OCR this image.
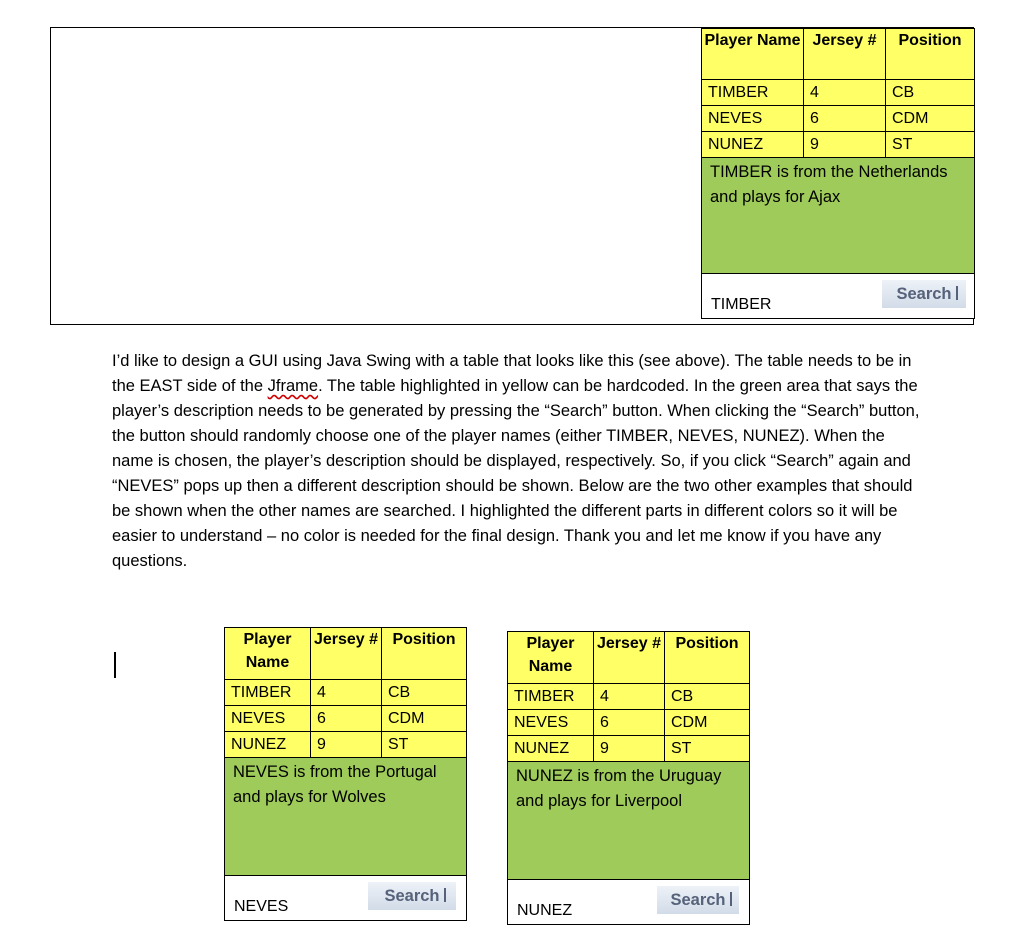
Player Name	Jersey #	Position
TIMBER	4	CB
NEVES	6	CDM
NUNEZ	9	ST
TIMBER is from the Netherlands and plays for Ajax		

TIMBER
Search		

I’d like to design a GUI using Java Swing with a table that looks like this (see above). The table needs to be in the EAST side of the Jframe. The table highlighted in yellow can be hardcoded. In the green area that says the player’s description needs to be generated by pressing the “Search” button. When clicking the “Search” button, the button should randomly choose one of the player names (either TIMBER, NEVES, NUNEZ). When the name is chosen, the player’s description should be displayed, respectively. So, if you click “Search” again and “NEVES” pops up then a different description should be shown. Below are the two other examples that should be shown when the other names are searched. I highlighted the different parts in different colors so it will be easier to understand – no color is needed for the final design. Thank you and let me know if you have any questions.

Player Name	Jersey #	Position
TIMBER	4	CB
NEVES	6	CDM
NUNEZ	9	ST
NEVES is from the Portugal and plays for Wolves		

NEVES
Search		
Player Name	Jersey #	Position
TIMBER	4	CB
NEVES	6	CDM
NUNEZ	9	ST
NUNEZ is from the Uruguay and plays for Liverpool		

NUNEZ
Search		
